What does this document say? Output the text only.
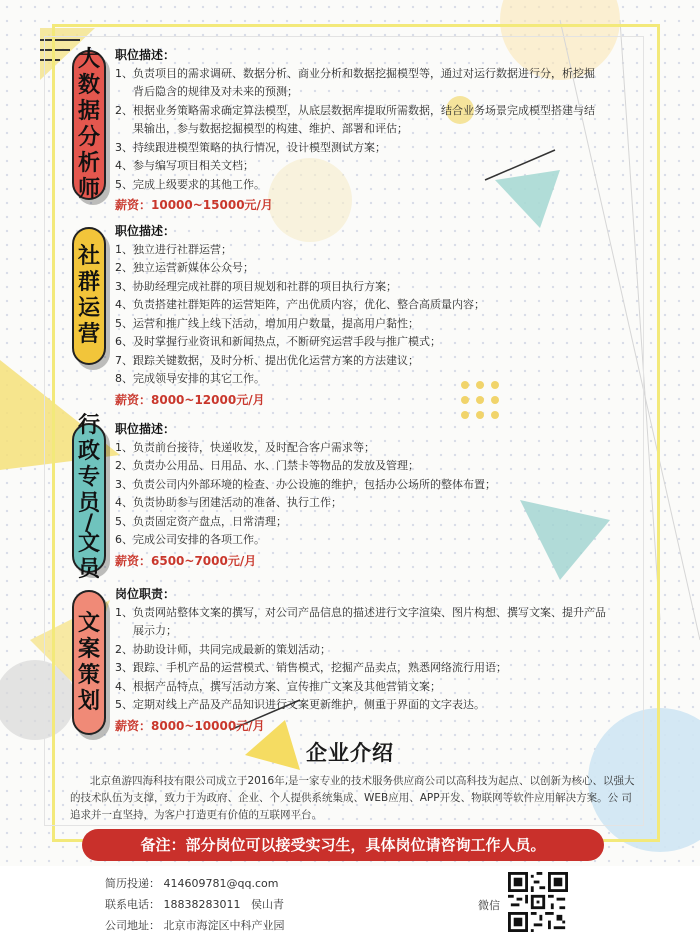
大
数
据
分
析
师
职位描述：
1、负责项目的需求调研、数据分析、商业分析和数据挖掘模型等，通过对运行数据进行分，析挖掘
背后隐含的规律及对未来的预测；
2、根据业务策略需求确定算法模型，从底层数据库提取所需数据，结合业务场景完成模型搭建与结
果输出，参与数据挖掘模型的构建、维护、部署和评估；
3、持续跟进模型策略的执行情况，设计模型测试方案；
4、参与编写项目相关文档；
5、完成上级要求的其他工作。
薪资：10000~15000元/月
社
群
运
营
职位描述：
1、独立进行社群运营；
2、独立运营新媒体公众号；
3、协助经理完成社群的项目规划和社群的项目执行方案；
4、负责搭建社群矩阵的运营矩阵，产出优质内容，优化、整合高质量内容；
5、运营和推广线上线下活动，增加用户数量，提高用户黏性；
6、及时掌握行业资讯和新闻热点，不断研究运营手段与推广模式；
7、跟踪关键数据，及时分析、提出优化运营方案的方法建议；
8、完成领导安排的其它工作。
薪资：8000~12000元/月
行
政
专
员
/
文
员
职位描述：
1、负责前台接待，快递收发，及时配合客户需求等；
2、负责办公用品、日用品、水、门禁卡等物品的发放及管理；
3、负责公司内外部环境的检查、办公设施的维护，包括办公场所的整体布置；
4、负责协助参与团建活动的准备、执行工作；
5、负责固定资产盘点，日常清理；
6、完成公司安排的各项工作。
薪资：6500~7000元/月
文
案
策
划
岗位职责：
1、负责网站整体文案的撰写，对公司产品信息的描述进行文字渲染、图片构想、撰写文案、提升产品
展示力；
2、协助设计师，共同完成最新的策划活动；
3、跟踪、手机产品的运营模式、销售模式，挖掘产品卖点，熟悉网络流行用语；
4、根据产品特点，撰写活动方案、宣传推广文案及其他营销文案；
5、定期对线上产品及产品知识进行文案更新维护，侧重于界面的文字表达。
薪资：8000~10000元/月
企业介绍
北京鱼游四海科技有限公司成立于2016年,是一家专业的技术服务供应商公司以高科技为起点、以创新为核心、以强大的技术队伍为支撑，致力于为政府、企业、个人提供系统集成、WEB应用、APP开发、物联网等软件应用解决方案。公 司追求并一直坚持，为客户打造更有价值的互联网平台。
备注：部分岗位可以接受实习生，具体岗位请咨询工作人员。
简历投递： 414609781@qq.com
联系电话： 18838283011   侯山青
公司地址： 北京市海淀区中科产业园
微信
